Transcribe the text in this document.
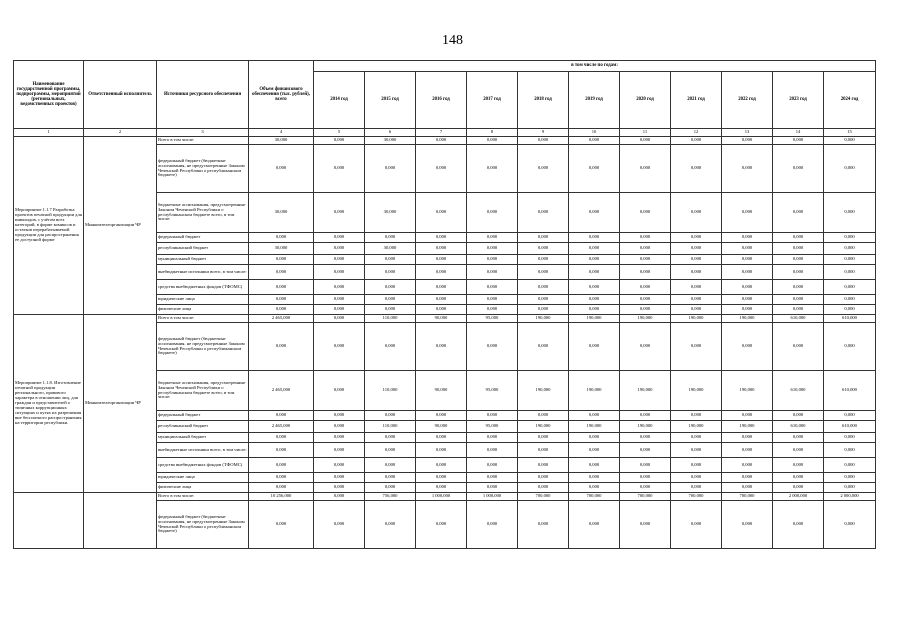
148
Наименование государственной программы, подпрограммы, мероприятий (региональных, ведомственных проектов)	Ответственный исполнитель	Источники ресурсного обеспечения	Объем финансового обеспечения (тыс. рублей), всего	в том числе по годам:										
				2014 год	2015 год	2016 год	2017 год	2018 год	2019 год	2020 год	2021 год	2022 год	2023 год	2024 год
1	2	3	4	5	6	7	8	9	10	11	12	13	14	15
Мероприятие 1.1.7 Разработка проектов печатной продукции для инвалидов, с учётом всех категорий, в форме комиксов и остатков перерабатываемой продукции для распространения ее доступной форме	Минкомтелеорганизации ЧР	Всего в том числе:	30,000	0,000	30,000	0,000	0,000	0,000	0,000	0,000	0,000	0,000	0,000	0,000
		федеральный бюджет (бюджетные ассигнования, не предусмотренные Законом Чеченской Республики о республиканском бюджете)	0,000	0,000	0,000	0,000	0,000	0,000	0,000	0,000	0,000	0,000	0,000	0,000
		бюджетные ассигнования, предусмотренные Законом Чеченской Республики о республиканском бюджете всего, в том числе:	30,000	0,000	30,000	0,000	0,000	0,000	0,000	0,000	0,000	0,000	0,000	0,000
		федеральный бюджет	0,000	0,000	0,000	0,000	0,000	0,000	0,000	0,000	0,000	0,000	0,000	0,000
		республиканский бюджет	30,000	0,000	30,000	0,000	0,000	0,000	0,000	0,000	0,000	0,000	0,000	0,000
		муниципальный бюджет	0,000	0,000	0,000	0,000	0,000	0,000	0,000	0,000	0,000	0,000	0,000	0,000
		внебюджетные источники всего, в том числе:	0,000	0,000	0,000	0,000	0,000	0,000	0,000	0,000	0,000	0,000	0,000	0,000
		средства внебюджетных фондов (ТФОМС)	0,000	0,000	0,000	0,000	0,000	0,000	0,000	0,000	0,000	0,000	0,000	0,000
		юридические лица	0,000	0,000	0,000	0,000	0,000	0,000	0,000	0,000	0,000	0,000	0,000	0,000
		физические лица	0,000	0,000	0,000	0,000	0,000	0,000	0,000	0,000	0,000	0,000	0,000	0,000
Мероприятие 1.1.8. Изготовление печатной продукции регионального, правового характера в отношении лиц, для граждан и представителей о типичных коррупционных ситуациях и путях их разрешения вне бесплатного распространения на территории республики.	Минкомтелеорганизации ЧР	Всего в том числе:	2 465,000	0,000	110,000	90,000	95,000	190,000	190,000	190,000	190,000	190,000	610,000	610,000
		федеральный бюджет (бюджетные ассигнования, не предусмотренные Законом Чеченской Республики о республиканском бюджете)	0,000	0,000	0,000	0,000	0,000	0,000	0,000	0,000	0,000	0,000	0,000	0,000
		бюджетные ассигнования, предусмотренные Законом Чеченской Республики о республиканском бюджете всего, в том числе:	2 465,000	0,000	110,000	90,000	95,000	190,000	190,000	190,000	190,000	190,000	610,000	610,000
		федеральный бюджет	0,000	0,000	0,000	0,000	0,000	0,000	0,000	0,000	0,000	0,000	0,000	0,000
		республиканский бюджет	2 465,000	0,000	110,000	90,000	95,000	190,000	190,000	190,000	190,000	190,000	610,000	610,000
		муниципальный бюджет	0,000	0,000	0,000	0,000	0,000	0,000	0,000	0,000	0,000	0,000	0,000	0,000
		внебюджетные источники всего, в том числе:	0,000	0,000	0,000	0,000	0,000	0,000	0,000	0,000	0,000	0,000	0,000	0,000
		средства внебюджетных фондов (ТФОМС)	0,000	0,000	0,000	0,000	0,000	0,000	0,000	0,000	0,000	0,000	0,000	0,000
		юридические лица	0,000	0,000	0,000	0,000	0,000	0,000	0,000	0,000	0,000	0,000	0,000	0,000
		физические лица	0,000	0,000	0,000	0,000	0,000	0,000	0,000	0,000	0,000	0,000	0,000	0,000
		Всего в том числе:	10 256,000	0,000	756,000	1 000,000	1 000,000	700,000	700,000	700,000	700,000	700,000	2 000,000	2 000,000
		федеральный бюджет (бюджетные ассигнования, не предусмотренные Законом Чеченской Республики о республиканском бюджете)	0,000	0,000	0,000	0,000	0,000	0,000	0,000	0,000	0,000	0,000	0,000	0,000
